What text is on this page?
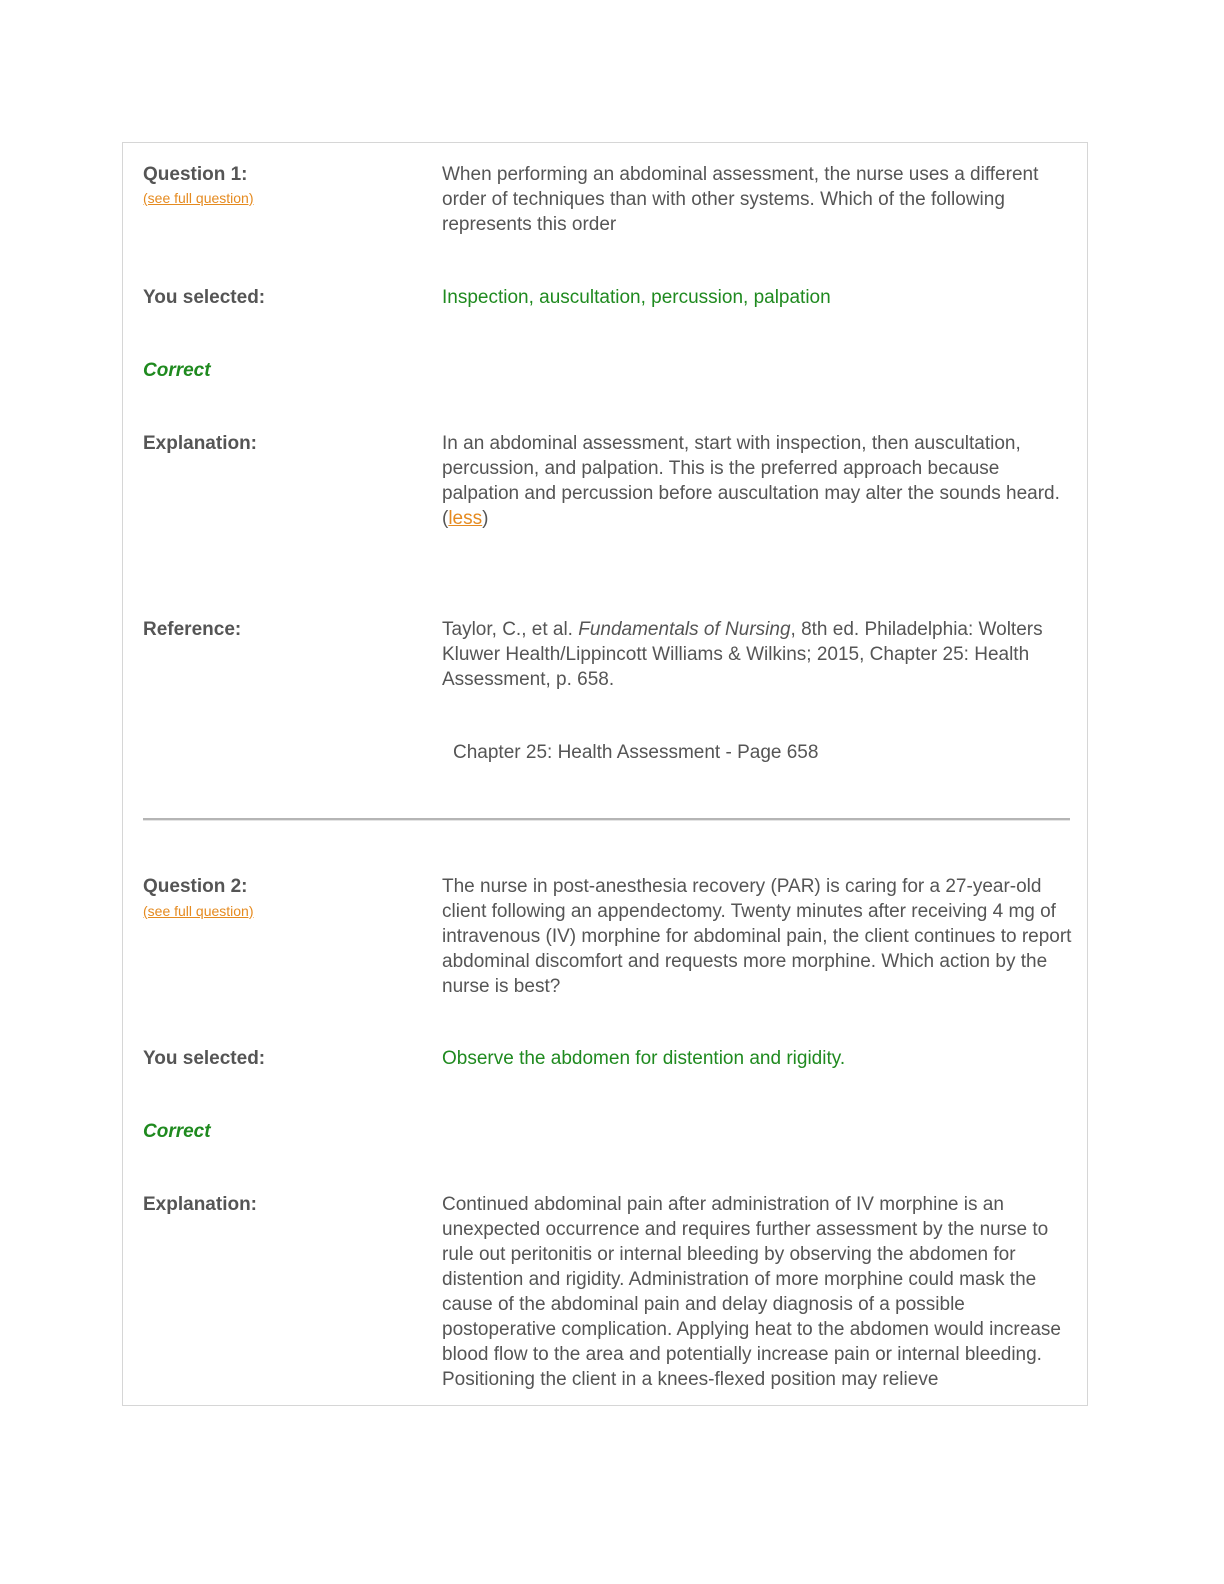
Question 1:
(see full question)
When performing an abdominal assessment, the nurse uses a different order of techniques than with other systems. Which of the following represents this order
You selected:	Inspection, auscultation, percussion, palpation
Correct
Explanation:	In an abdominal assessment, start with inspection, then auscultation, percussion, and palpation. This is the preferred approach because palpation and percussion before auscultation may alter the sounds heard. (less)
Reference:	Taylor, C., et al. Fundamentals of Nursing, 8th ed. Philadelphia: Wolters Kluwer Health/Lippincott Williams & Wilkins; 2015, Chapter 25: Health Assessment, p. 658.
Chapter 25: Health Assessment - Page 658
Question 2:
(see full question)
The nurse in post-anesthesia recovery (PAR) is caring for a 27-year-old client following an appendectomy. Twenty minutes after receiving 4 mg of intravenous (IV) morphine for abdominal pain, the client continues to report abdominal discomfort and requests more morphine. Which action by the nurse is best?
You selected:	Observe the abdomen for distention and rigidity.
Correct
Explanation:	Continued abdominal pain after administration of IV morphine is an unexpected occurrence and requires further assessment by the nurse to rule out peritonitis or internal bleeding by observing the abdomen for distention and rigidity. Administration of more morphine could mask the cause of the abdominal pain and delay diagnosis of a possible postoperative complication. Applying heat to the abdomen would increase blood flow to the area and potentially increase pain or internal bleeding. Positioning the client in a knees-flexed position may relieve
